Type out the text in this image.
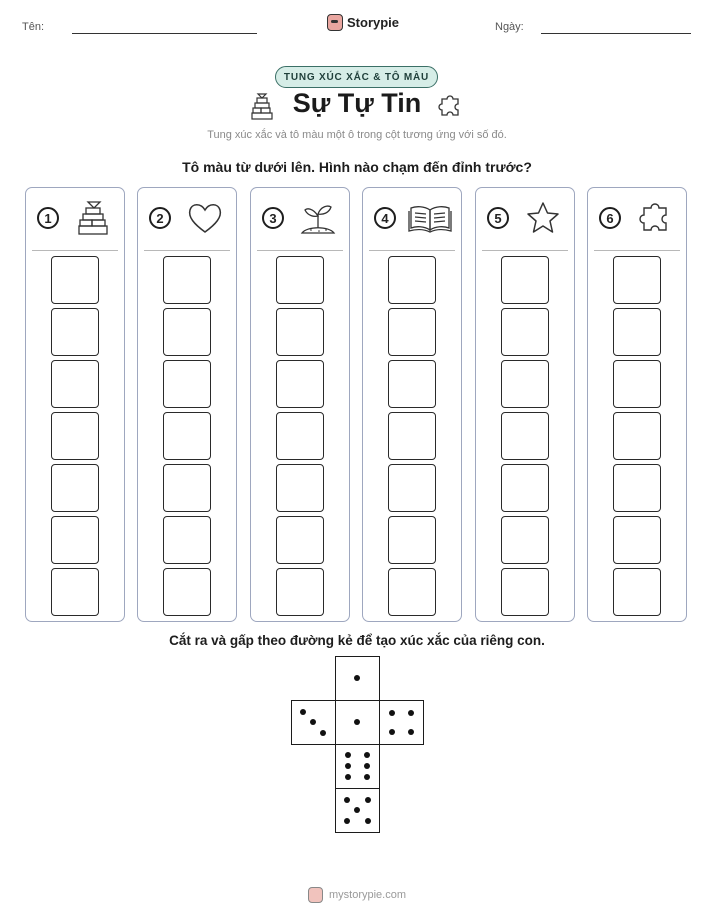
Tên:	Storypie	Ngày:
TUNG XÚC XẮC & TÔ MÀU
Sự Tự Tin
Tung xúc xắc và tô màu một ô trong cột tương ứng với số đó.
Tô màu từ dưới lên. Hình nào chạm đến đỉnh trước?
1	2	3	4	5	6
Cắt ra và gấp theo đường kẻ để tạo xúc xắc của riêng con.
mystorypie.com
